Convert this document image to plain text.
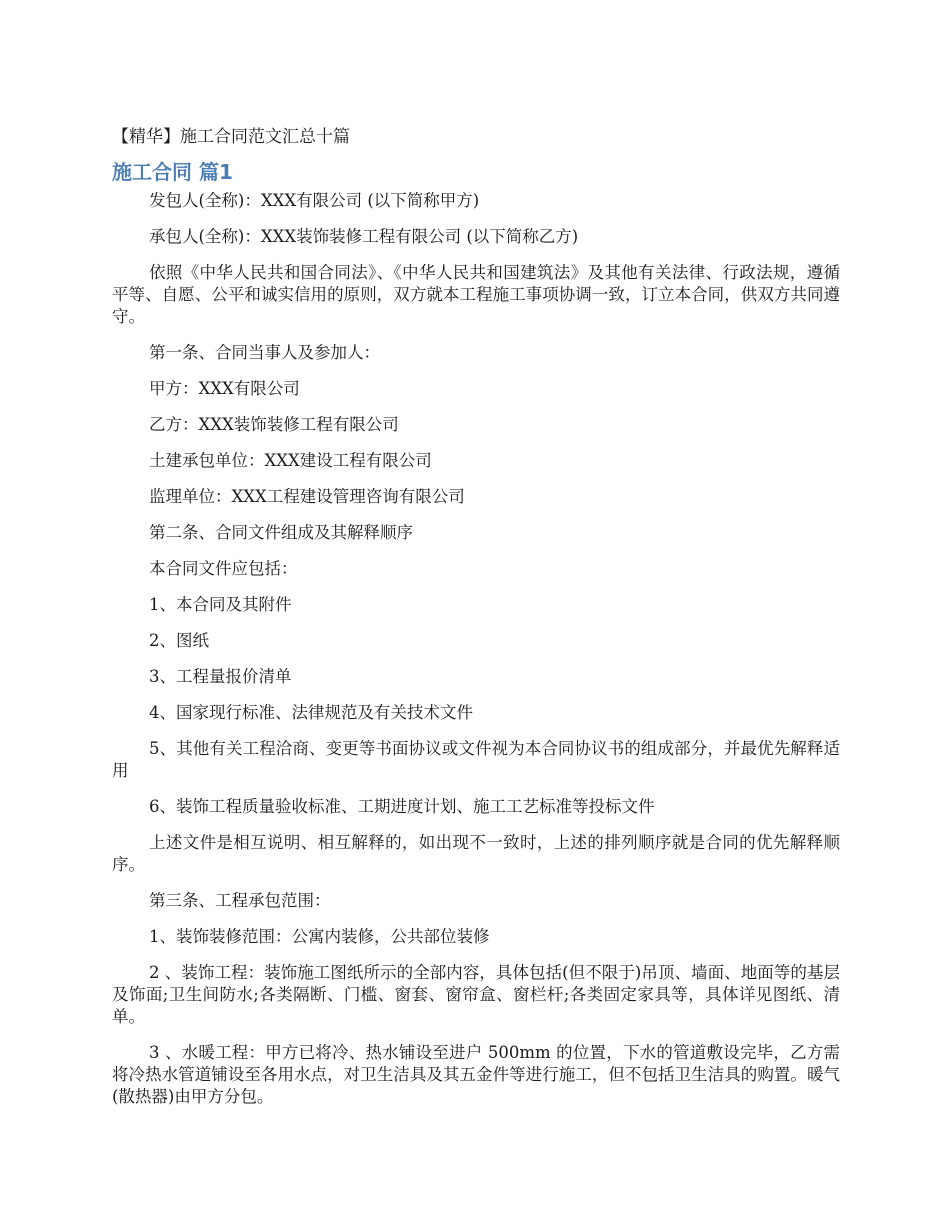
【精华】施工合同范文汇总十篇
施工合同 篇1

发包人(全称)：XXX有限公司 (以下简称甲方)

承包人(全称)：XXX装饰装修工程有限公司 (以下简称乙方)

依照《中华人民共和国合同法》、《中华人民共和国建筑法》及其他有关法律、行政法规，遵循平等、自愿、公平和诚实信用的原则，双方就本工程施工事项协调一致，订立本合同，供双方共同遵守。

第一条、合同当事人及参加人：

甲方：XXX有限公司

乙方：XXX装饰装修工程有限公司

土建承包单位：XXX建设工程有限公司

监理单位：XXX工程建设管理咨询有限公司

第二条、合同文件组成及其解释顺序

本合同文件应包括：

1、本合同及其附件

2、图纸

3、工程量报价清单

4、国家现行标准、法律规范及有关技术文件

5、其他有关工程洽商、变更等书面协议或文件视为本合同协议书的组成部分，并最优先解释适用

6、装饰工程质量验收标准、工期进度计划、施工工艺标准等投标文件

上述文件是相互说明、相互解释的，如出现不一致时，上述的排列顺序就是合同的优先解释顺序。

第三条、工程承包范围：

1、装饰装修范围：公寓内装修，公共部位装修

2 、装饰工程：装饰施工图纸所示的全部内容，具体包括(但不限于)吊顶、墙面、地面等的基层及饰面;卫生间防水;各类隔断、门槛、窗套、窗帘盒、窗栏杆;各类固定家具等，具体详见图纸、清单。

3 、水暖工程：甲方已将冷、热水铺设至进户 500mm 的位置，下水的管道敷设完毕，乙方需将冷热水管道铺设至各用水点，对卫生洁具及其五金件等进行施工，但不包括卫生洁具的购置。暖气(散热器)由甲方分包。
